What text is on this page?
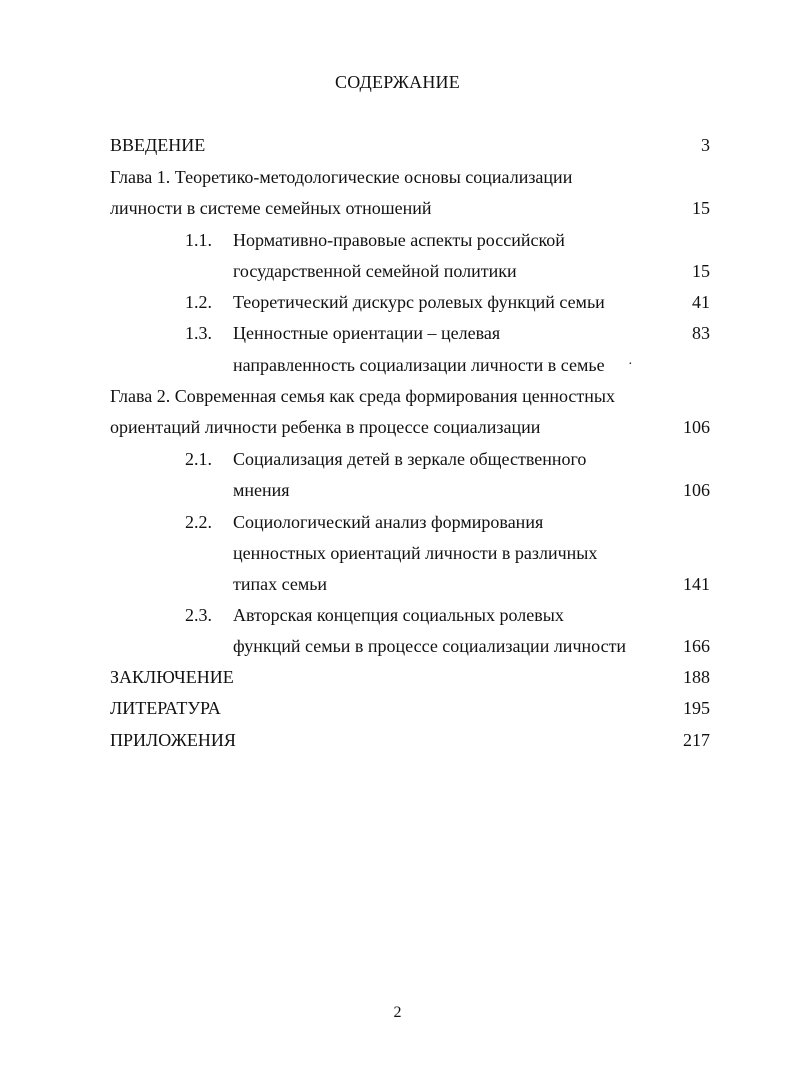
СОДЕРЖАНИЕ
ВВЕДЕНИЕ	3
Глава 1. Теоретико-методологические основы социализации
личности в системе семейных отношений	15
1.1. Нормативно-правовые аспекты российской
государственной семейной политики	15
1.2. Теоретический дискурс ролевых функций семьи	41
1.3. Ценностные ориентации – целевая	83
направленность социализации личности в семье ·
Глава 2. Современная семья как среда формирования ценностных
ориентаций личности ребенка в процессе социализации	106
2.1. Социализация детей в зеркале общественного
мнения	106
2.2. Социологический анализ формирования
ценностных ориентаций личности в различных
типах семьи	141
2.3. Авторская концепция социальных ролевых
функций семьи в процессе социализации личности	166
ЗАКЛЮЧЕНИЕ	188
ЛИТЕРАТУРА	195
ПРИЛОЖЕНИЯ	217
2
